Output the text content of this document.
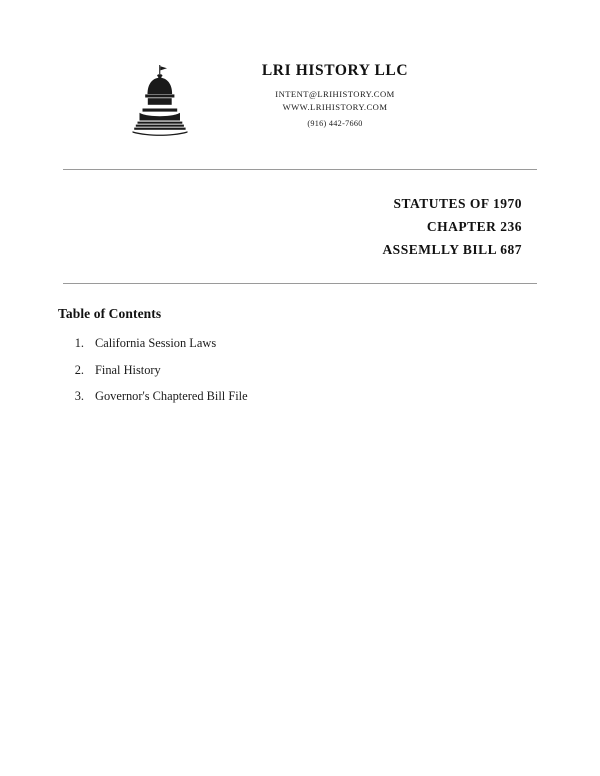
LRI HISTORY LLC
INTENT@LRIHISTORY.COM
WWW.LRIHISTORY.COM
(916) 442-7660
STATUTES OF 1970
CHAPTER 236
ASSEMLLY BILL 687
Table of Contents
1. California Session Laws
2. Final History
3. Governor's Chaptered Bill File
